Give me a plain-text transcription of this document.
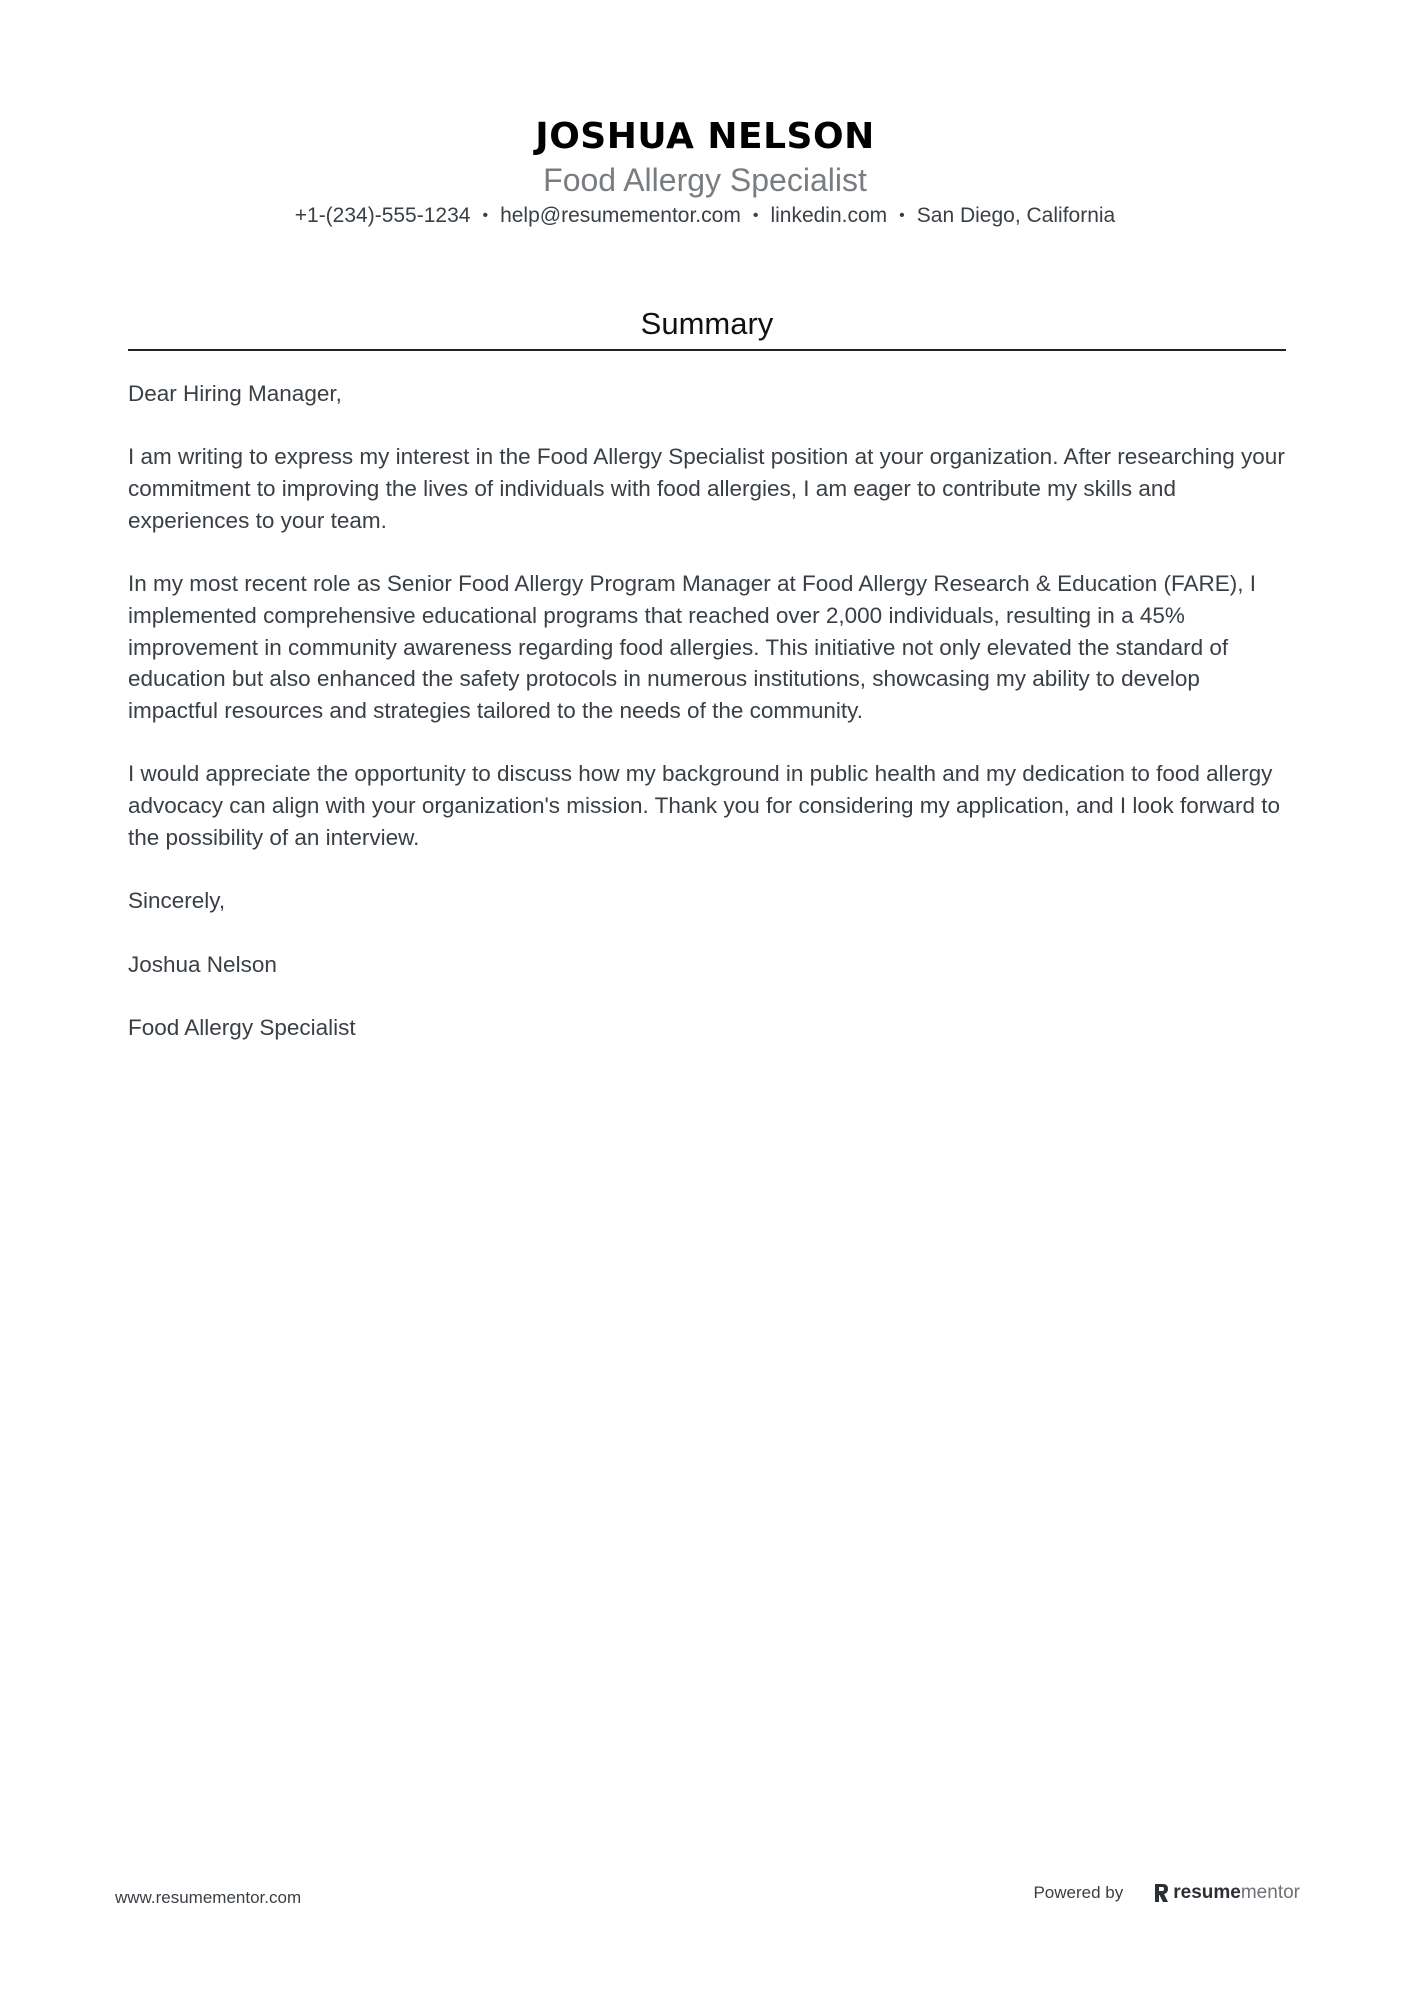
JOSHUA NELSON
Food Allergy Specialist
+1-(234)-555-1234 • help@resumementor.com • linkedin.com • San Diego, California
Summary

Dear Hiring Manager,

I am writing to express my interest in the Food Allergy Specialist position at your organization. After researching your commitment to improving the lives of individuals with food allergies, I am eager to contribute my skills and experiences to your team.

In my most recent role as Senior Food Allergy Program Manager at Food Allergy Research & Education (FARE), I implemented comprehensive educational programs that reached over 2,000 individuals, resulting in a 45% improvement in community awareness regarding food allergies. This initiative not only elevated the standard of education but also enhanced the safety protocols in numerous institutions, showcasing my ability to develop impactful resources and strategies tailored to the needs of the community.

I would appreciate the opportunity to discuss how my background in public health and my dedication to food allergy advocacy can align with your organization's mission. Thank you for considering my application, and I look forward to the possibility of an interview.

Sincerely,

Joshua Nelson

Food Allergy Specialist

www.resumementor.com	Powered by	resume mentor
